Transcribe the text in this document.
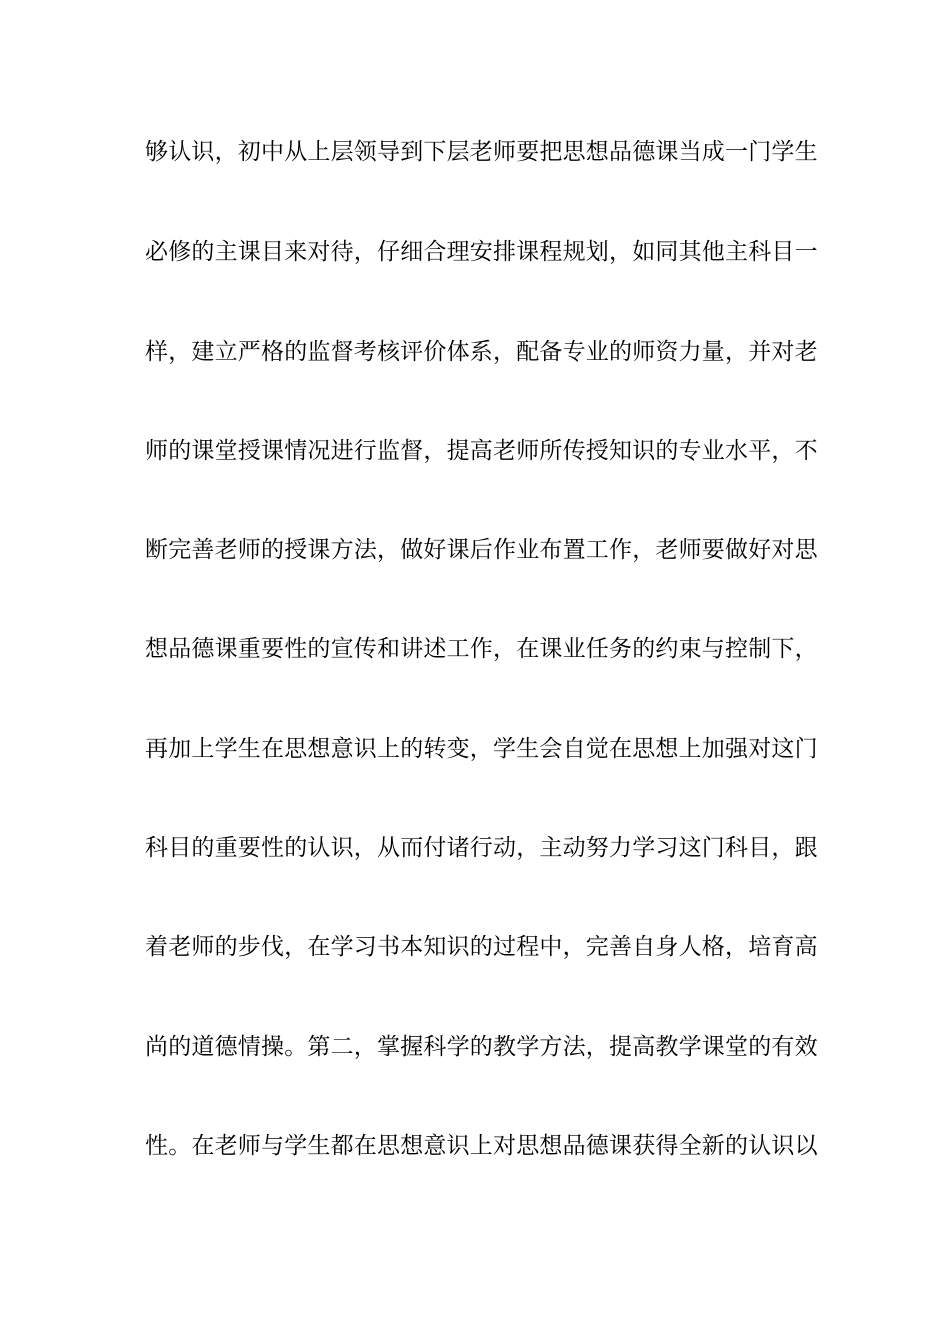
够认识，初中从上层领导到下层老师要把思想品德课当成一门学生
必修的主课目来对待，仔细合理安排课程规划，如同其他主科目一
样，建立严格的监督考核评价体系，配备专业的师资力量，并对老
师的课堂授课情况进行监督，提高老师所传授知识的专业水平，不
断完善老师的授课方法，做好课后作业布置工作，老师要做好对思
想品德课重要性的宣传和讲述工作，在课业任务的约束与控制下，
再加上学生在思想意识上的转变，学生会自觉在思想上加强对这门
科目的重要性的认识，从而付诸行动，主动努力学习这门科目，跟
着老师的步伐，在学习书本知识的过程中，完善自身人格，培育高
尚的道德情操。第二，掌握科学的教学方法，提高教学课堂的有效
性。在老师与学生都在思想意识上对思想品德课获得全新的认识以
